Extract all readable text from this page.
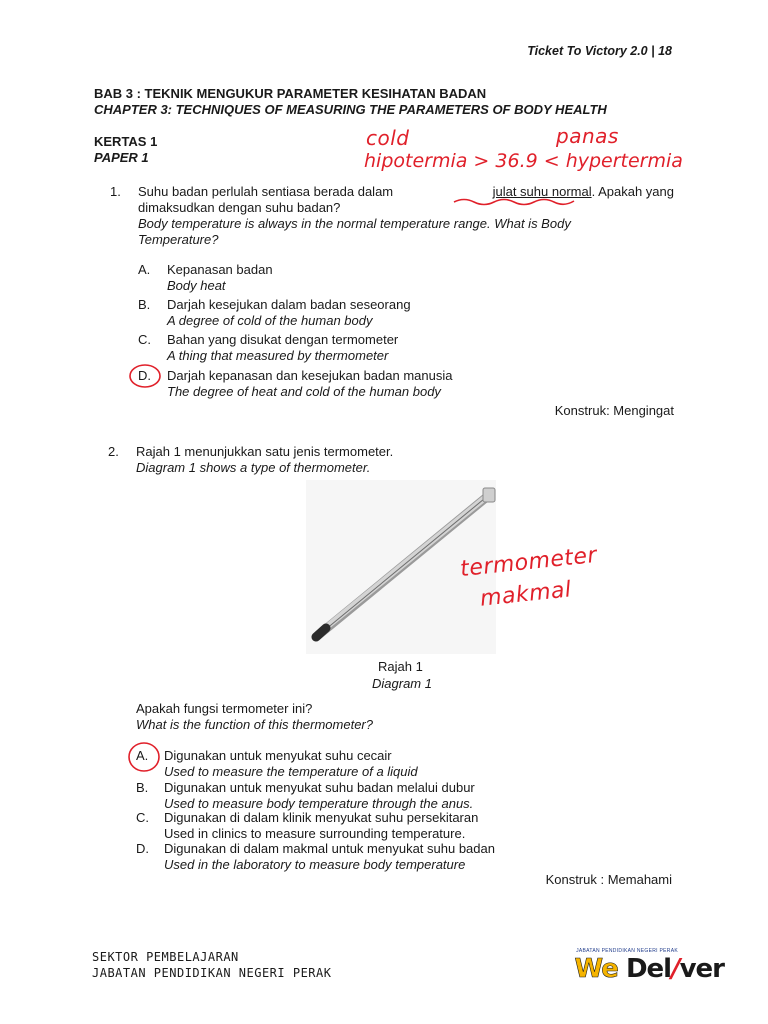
Ticket To Victory 2.0 | 18
BAB 3 : TEKNIK MENGUKUR PARAMETER KESIHATAN BADAN
CHAPTER 3: TECHNIQUES OF MEASURING THE PARAMETERS OF BODY HEALTH
KERTAS 1
PAPER 1
cold	panas
hipotermia > 36.9 < hypertermia
1. Suhu badan perlulah sentiasa berada dalam	julat suhu normal. Apakah yang
dimaksudkan dengan suhu badan?
Body temperature is always in the normal temperature range. What is Body
Temperature?
A. Kepanasan badan
Body heat
B. Darjah kesejukan dalam badan seseorang
A degree of cold of the human body
C. Bahan yang disukat dengan termometer
A thing that measured by thermometer
D. Darjah kepanasan dan kesejukan badan manusia
The degree of heat and cold of the human body
Konstruk: Mengingat
2. Rajah 1 menunjukkan satu jenis termometer.
Diagram 1 shows a type of thermometer.
termometer
makmal
Rajah 1
Diagram 1
Apakah fungsi termometer ini?
What is the function of this thermometer?
A. Digunakan untuk menyukat suhu cecair
Used to measure the temperature of a liquid
B. Digunakan untuk menyukat suhu badan melalui dubur
Used to measure body temperature through the anus.
C. Digunakan di dalam klinik menyukat suhu persekitaran
Used in clinics to measure surrounding temperature.
D. Digunakan di dalam makmal untuk menyukat suhu badan
Used in the laboratory to measure body temperature
Konstruk : Memahami
SEKTOR PEMBELAJARAN
JABATAN PENDIDIKAN NEGERI PERAK
JABATAN PENDIDIKAN NEGERI PERAK
We Del/ver
